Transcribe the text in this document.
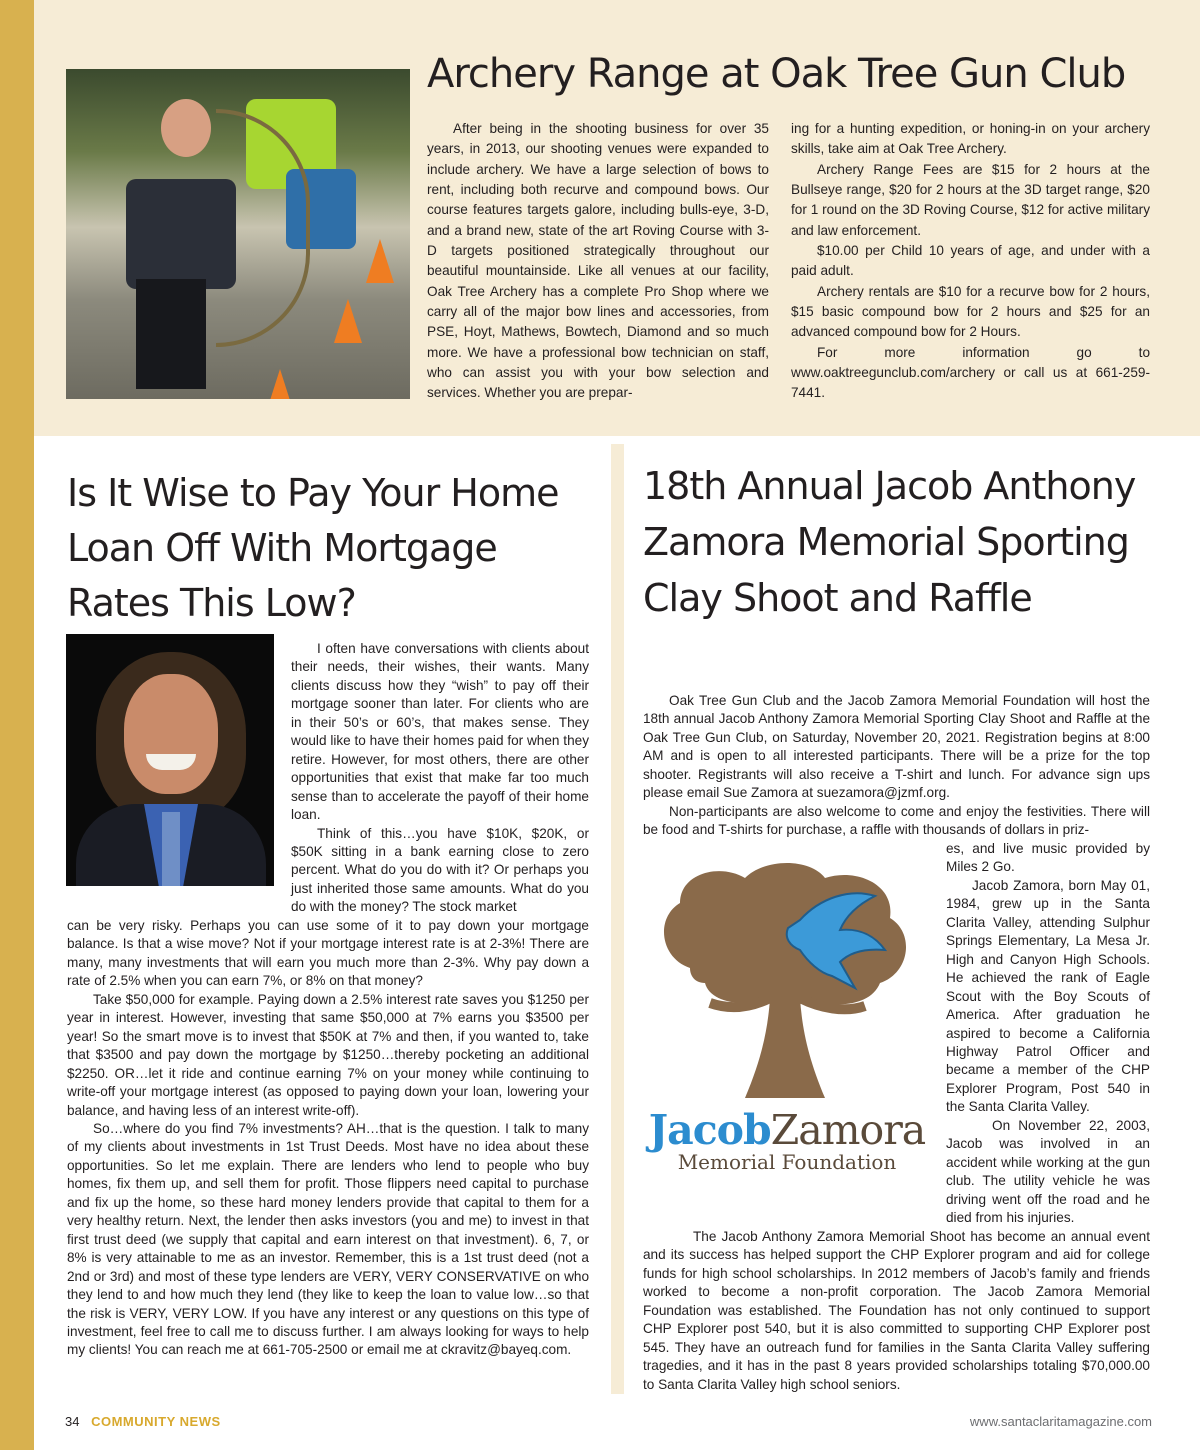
Archery Range at Oak Tree Gun Club

After being in the shooting business for over 35 years, in 2013, our shooting venues were expanded to include archery. We have a large selection of bows to rent, including both recurve and compound bows. Our course features targets galore, including bulls-eye, 3-D, and a brand new, state of the art Roving Course with 3-D targets positioned strategically throughout our beautiful mountainside. Like all venues at our facility, Oak Tree Archery has a complete Pro Shop where we carry all of the major bow lines and accessories, from PSE, Hoyt, Mathews, Bowtech, Diamond and so much more. We have a professional bow technician on staff, who can assist you with your bow selection and services. Whether you are prepar-

ing for a hunting expedition, or honing-in on your archery skills, take aim at Oak Tree Archery.

Archery Range Fees are $15 for 2 hours at the Bullseye range, $20 for 2 hours at the 3D target range, $20 for 1 round on the 3D Roving Course, $12 for active military and law enforcement.

$10.00 per Child 10 years of age, and under with a paid adult.

Archery rentals are $10 for a recurve bow for 2 hours, $15 basic compound bow for 2 hours and $25 for an advanced compound bow for 2 Hours.

For more information go to www.oaktreegunclub.com/archery or call us at 661-259-7441.

Is It Wise to Pay Your Home Loan Off With Mortgage Rates This Low?

I often have conversations with clients about their needs, their wishes, their wants. Many clients discuss how they “wish” to pay off their mortgage sooner than later. For clients who are in their 50’s or 60’s, that makes sense. They would like to have their homes paid for when they retire. However, for most others, there are other opportunities that exist that make far too much sense than to accelerate the payoff of their home loan.

Think of this…you have $10K, $20K, or $50K sitting in a bank earning close to zero percent. What do you do with it? Or perhaps you just inherited those same amounts. What do you do with the money? The stock market

can be very risky. Perhaps you can use some of it to pay down your mortgage balance. Is that a wise move? Not if your mortgage interest rate is at 2-3%! There are many, many investments that will earn you much more than 2-3%. Why pay down a rate of 2.5% when you can earn 7%, or 8% on that money?

Take $50,000 for example. Paying down a 2.5% interest rate saves you $1250 per year in interest. However, investing that same $50,000 at 7% earns you $3500 per year! So the smart move is to invest that $50K at 7% and then, if you wanted to, take that $3500 and pay down the mortgage by $1250…thereby pocketing an additional $2250. OR…let it ride and continue earning 7% on your money while continuing to write-off your mortgage interest (as opposed to paying down your loan, lowering your balance, and having less of an interest write-off).

So…where do you find 7% investments? AH…that is the question. I talk to many of my clients about investments in 1st Trust Deeds. Most have no idea about these opportunities. So let me explain. There are lenders who lend to people who buy homes, fix them up, and sell them for profit. Those flippers need capital to purchase and fix up the home, so these hard money lenders provide that capital to them for a very healthy return. Next, the lender then asks investors (you and me) to invest in that first trust deed (we supply that capital and earn interest on that investment). 6, 7, or 8% is very attainable to me as an investor. Remember, this is a 1st trust deed (not a 2nd or 3rd) and most of these type lenders are VERY, VERY CONSERVATIVE on who they lend to and how much they lend (they like to keep the loan to value low…so that the risk is VERY, VERY LOW. If you have any interest or any questions on this type of investment, feel free to call me to discuss further. I am always looking for ways to help my clients! You can reach me at 661-705-2500 or email me at ckravitz@bayeq.com.

18th Annual Jacob Anthony Zamora Memorial Sporting Clay Shoot and Raffle

Oak Tree Gun Club and the Jacob Zamora Memorial Foundation will host the 18th annual Jacob Anthony Zamora Memorial Sporting Clay Shoot and Raffle at the Oak Tree Gun Club, on Saturday, November 20, 2021. Registration begins at 8:00 AM and is open to all interested participants. There will be a prize for the top shooter. Registrants will also receive a T-shirt and lunch. For advance sign ups please email Sue Zamora at suezamora@jzmf.org.

Non-participants are also welcome to come and enjoy the festivities. There will be food and T-shirts for purchase, a raffle with thousands of dollars in priz-

JacobZamora
Memorial Foundation

es, and live music provided by Miles 2 Go.

Jacob Zamora, born May 01, 1984, grew up in the Santa Clarita Valley, attending Sulphur Springs Elementary, La Mesa Jr. High and Canyon High Schools. He achieved the rank of Eagle Scout with the Boy Scouts of America. After graduation he aspired to become a California Highway Patrol Officer and became a member of the CHP Explorer Program, Post 540 in the Santa Clarita Valley.

On November 22, 2003, Jacob was involved in an accident while working at the gun club. The utility vehicle he was driving went off the road and he died from his injuries.

The Jacob Anthony Zamora Memorial Shoot has become an annual event and its success has helped support the CHP Explorer program and aid for college funds for high school scholarships. In 2012 members of Jacob’s family and friends worked to become a non-profit corporation. The Jacob Zamora Memorial Foundation was established. The Foundation has not only continued to support CHP Explorer post 540, but it is also committed to supporting CHP Explorer post 545. They have an outreach fund for families in the Santa Clarita Valley suffering tragedies, and it has in the past 8 years provided scholarships totaling $70,000.00 to Santa Clarita Valley high school seniors.

34 COMMUNITY NEWS	www.santaclaritamagazine.com
